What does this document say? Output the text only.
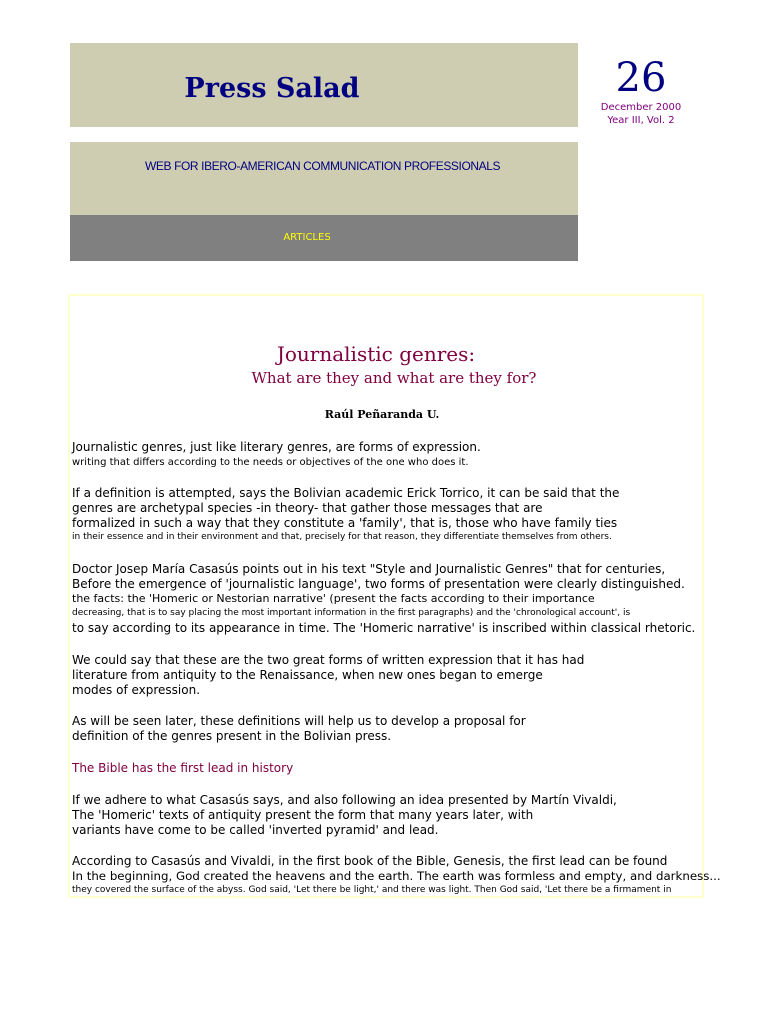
Press Salad	26
December 2000
Year III, Vol. 2
WEB FOR IBERO-AMERICAN COMMUNICATION PROFESSIONALS
ARTICLES
Journalistic genres:
What are they and what are they for?
Raúl Peñaranda U.
Journalistic genres, just like literary genres, are forms of expression.
writing that differs according to the needs or objectives of the one who does it.
If a definition is attempted, says the Bolivian academic Erick Torrico, it can be said that the
genres are archetypal species -in theory- that gather those messages that are
formalized in such a way that they constitute a 'family', that is, those who have family ties
in their essence and in their environment and that, precisely for that reason, they differentiate themselves from others.
Doctor Josep María Casasús points out in his text "Style and Journalistic Genres" that for centuries,
Before the emergence of 'journalistic language', two forms of presentation were clearly distinguished.
the facts: the 'Homeric or Nestorian narrative' (present the facts according to their importance
decreasing, that is to say placing the most important information in the first paragraphs) and the 'chronological account', is
to say according to its appearance in time. The 'Homeric narrative' is inscribed within classical rhetoric.
We could say that these are the two great forms of written expression that it has had
literature from antiquity to the Renaissance, when new ones began to emerge
modes of expression.
As will be seen later, these definitions will help us to develop a proposal for
definition of the genres present in the Bolivian press.
The Bible has the first lead in history
If we adhere to what Casasús says, and also following an idea presented by Martín Vivaldi,
The 'Homeric' texts of antiquity present the form that many years later, with
variants have come to be called 'inverted pyramid' and lead.
According to Casasús and Vivaldi, in the first book of the Bible, Genesis, the first lead can be found
In the beginning, God created the heavens and the earth. The earth was formless and empty, and darkness...
they covered the surface of the abyss. God said, 'Let there be light,' and there was light. Then God said, 'Let there be a firmament in
